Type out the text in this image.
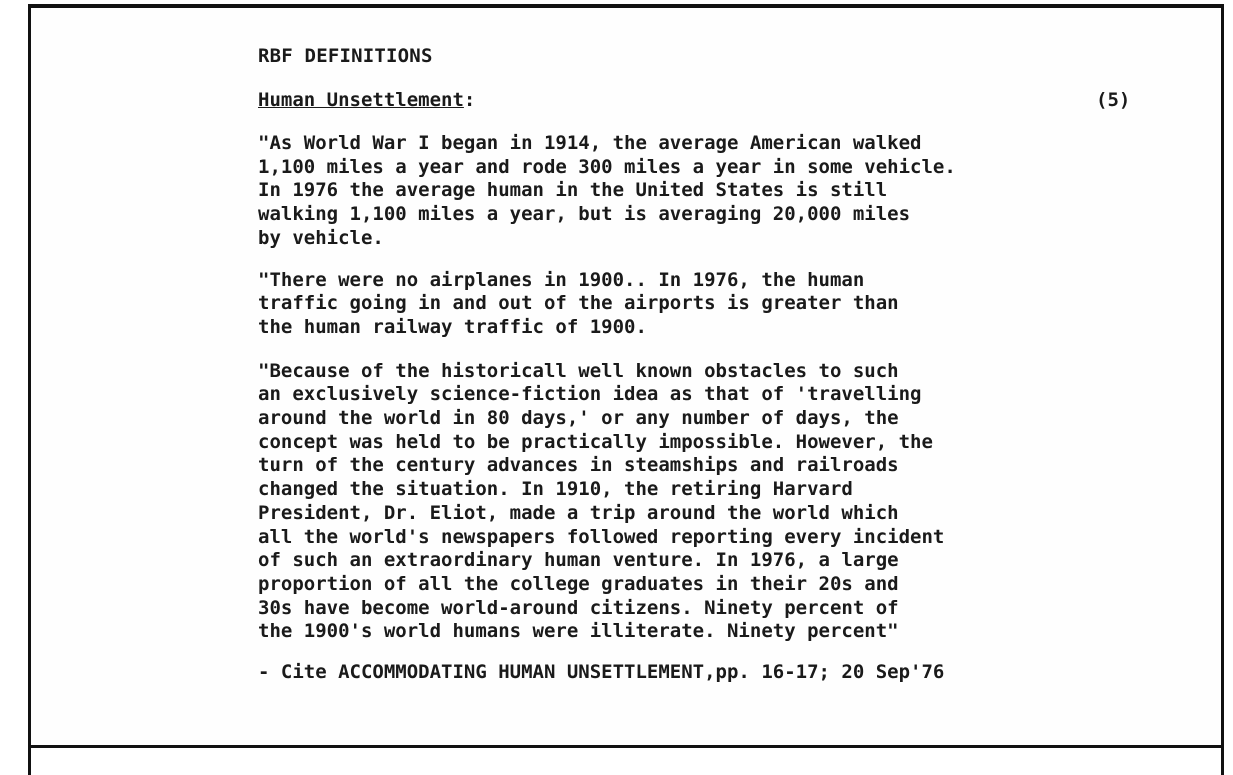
RBF DEFINITIONS

Human Unsettlement:	(5)
"As World War I began in 1914, the average American walked
1,100 miles a year and rode 300 miles a year in some vehicle.
In 1976 the average human in the United States is still
walking 1,100 miles a year, but is averaging 20,000 miles
by vehicle.
"There were no airplanes in 1900.. In 1976, the human
traffic going in and out of the airports is greater than
the human railway traffic of 1900.
"Because of the historicall well known obstacles to such
an exclusively science-fiction idea as that of 'travelling
around the world in 80 days,' or any number of days, the
concept was held to be practically impossible. However, the
turn of the century advances in steamships and railroads
changed the situation. In 1910, the retiring Harvard
President, Dr. Eliot, made a trip around the world which
all the world's newspapers followed reporting every incident
of such an extraordinary human venture. In 1976, a large
proportion of all the college graduates in their 20s and
30s have become world-around citizens. Ninety percent of
the 1900's world humans were illiterate. Ninety percent"
- Cite ACCOMMODATING HUMAN UNSETTLEMENT,pp. 16-17; 20 Sep'76
